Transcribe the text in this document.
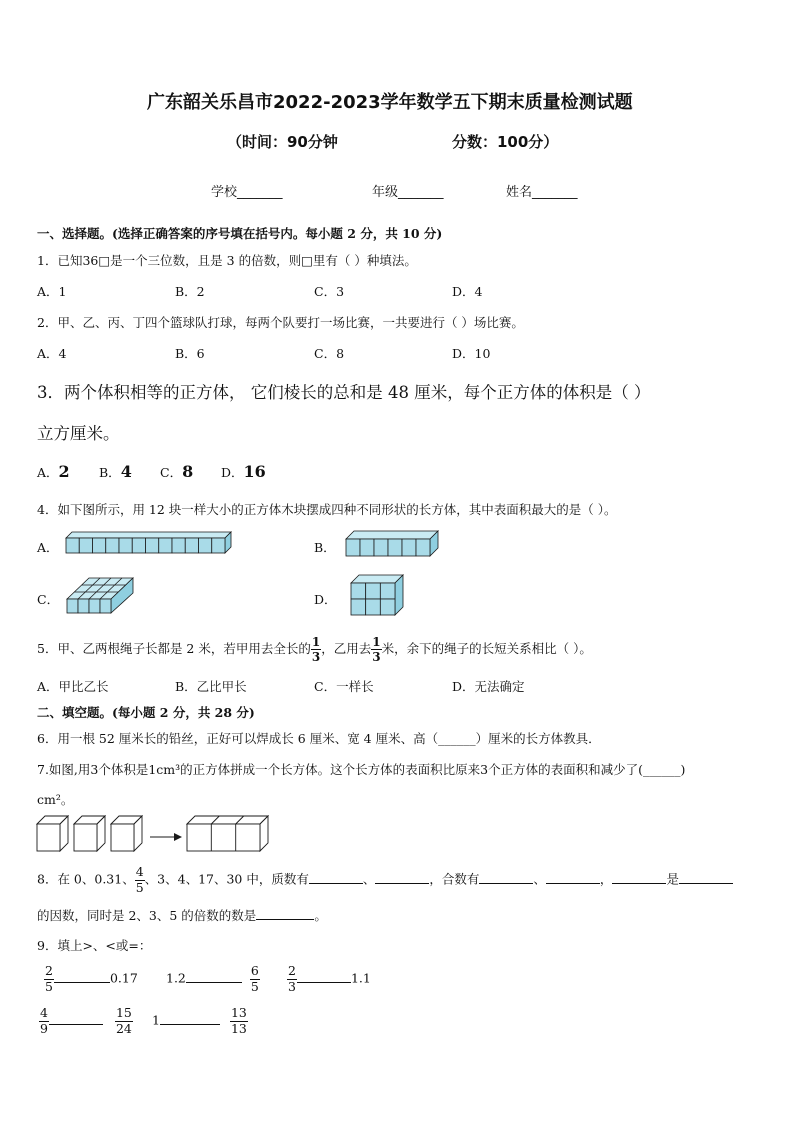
广东韶关乐昌市2022-2023学年数学五下期末质量检测试题
（时间：90分钟	分数：100分）
学校_______	年级_______	姓名_______
一、选择题。(选择正确答案的序号填在括号内。每小题 2 分，共 10 分)
1．已知36□是一个三位数，且是 3 的倍数，则□里有（ ）种填法。
A．1	B．2	C．3	D．4
2．甲、乙、丙、丁四个篮球队打球，每两个队要打一场比赛，一共要进行（ ）场比赛。
A．4	B．6	C．8	D．10
3．两个体积相等的正方体， 它们棱长的总和是 48 厘米，每个正方体的体积是（ ）
立方厘米。
A．2 B．4 C．8 D．16
4．如下图所示，用 12 块一样大小的正方体木块摆成四种不同形状的长方体，其中表面积最大的是（ ）。
A．	B．
C．	D．
5．甲、乙两根绳子长都是 2 米，若甲用去全长的 $\frac{1}{3}$ ，乙用去 $\frac{1}{3}$ 米，余下的绳子的长短关系相比（ ）。
A．甲比乙长	B．乙比甲长	C．一样长	D．无法确定
二、填空题。(每小题 2 分，共 28 分)
6．用一根 52 厘米长的铅丝，正好可以焊成长 6 厘米、宽 4 厘米、高（______）厘米的长方体教具．
7.如图,用3个体积是1cm³的正方体拼成一个长方体。这个长方体的表面积比原来3个正方体的表面积和减少了(______)
cm²。
8．在 0、0.31、 $\frac{4}{5}$ 、3、4、17、30 中，质数有	、	，合数有	、	，	是
的因数，同时是 2、3、5 的倍数的数是	。
9．填上>、<或=：
$\frac{2}{5}$	0.17 1.2	$\frac{6}{5} \frac{2}{3}$	1.1
$\frac{4}{9}$
	$\frac{15}{24} 1$	$\frac{13}{13}$
